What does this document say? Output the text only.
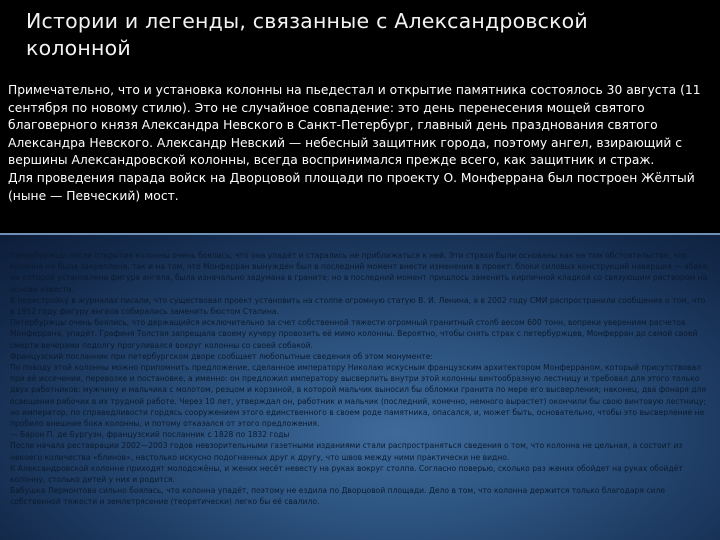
Истории и легенды, связанные с Александровской колонной

Примечательно, что и установка колонны на пьедестал и открытие памятника состоялось 30 августа (11 сентября по новому стилю). Это не случайное совпадение: это день перенесения мощей святого благоверного князя Александра Невского в Санкт-Петербург, главный день празднования святого Александра Невского. Александр Невский — небесный защитник города, поэтому ангел, взирающий с вершины Александровской колонны, всегда воспринимался прежде всего, как защитник и страж.

Для проведения парада войск на Дворцовой площади по проекту О. Монферрана был построен Жёлтый (ныне — Певческий) мост.

Петербуржцы после открытия колонны очень боялись, что она упадёт и старались не приближаться к ней. Эти страхи были основаны как на том обстоятельстве, что колонна не была закреплена, так и на том, что Монферран вынужден был в последний момент внести изменения в проект: блоки силовых конструкций навершия — абака, на которой установлена фигура ангела, была изначально задумана в граните; но в последний момент пришлось заменить кирпичной кладкой со связующим раствором на основе извести.

В перестройку в журналах писали, что существовал проект установить на столпе огромную статую В. И. Ленина, а в 2002 году СМИ распространили сообщение о том, что в 1952 году фигуру ангела собирались заменить бюстом Сталина.

Петербуржцы очень боялись, что держащийся исключительно за счет собственной тяжести огромный гранитный столб весом 600 тонн, вопреки уверениям расчетов Монферрана, упадёт. Графиня Толстая запрещала своему кучеру провозить её мимо колонны. Вероятно, чтобы снять страх с петербуржцев, Монферран до самой своей смерти вечерами подолгу прогуливался вокруг колонны со своей собакой.

Французский посланник при петербургском дворе сообщает любопытные сведения об этом монументе:

По поводу этой колонны можно припомнить предложение, сделанное императору Николаю искусным французским архитектором Монферраном, который присутствовал при её иссечении, перевозке и постановке, а именно: он предложил императору высверлить внутри этой колонны винтообразную лестницу и требовал для этого только двух работников: мужчину и мальчика с молотом, резцом и корзиной, в которой мальчик выносил бы обломки гранита по мере его высверления; наконец, два фонаря для освещения рабочих в их трудной работе. Через 10 лет, утверждал он, работник и мальчик (последний, конечно, немного вырастет) окончили бы свою винтовую лестницу; но император, по справедливости гордясь сооружением этого единственного в своем роде памятника, опасался, и, может быть, основательно, чтобы это высверление не пробило внешние бока колонны, и потому отказался от этого предложения.

— Барон П. де Бургуэн, французский посланник с 1828 по 1832 годы

После начала реставрации 2002—2003 годов невзорительными газетными изданиями стали распространяться сведения о том, что колонна не цельная, а состоит из некоего количества «блинов», настолько искусно подогнанных друг к другу, что швов между ними практически не видно.

К Александровской колонне приходят молодожёны, и жених несёт невесту на руках вокруг столпа. Согласно поверью, сколько раз жених обойдет на руках обойдёт колонну, столько детей у них и родится.

Бабушка Лермонтова сильно боялась, что колонна упадёт, поэтому не ездила по Дворцовой площади. Дело в том, что колонна держится только благодаря силе собственной тяжести и землетрясение (теоретически) легко бы её свалило.
